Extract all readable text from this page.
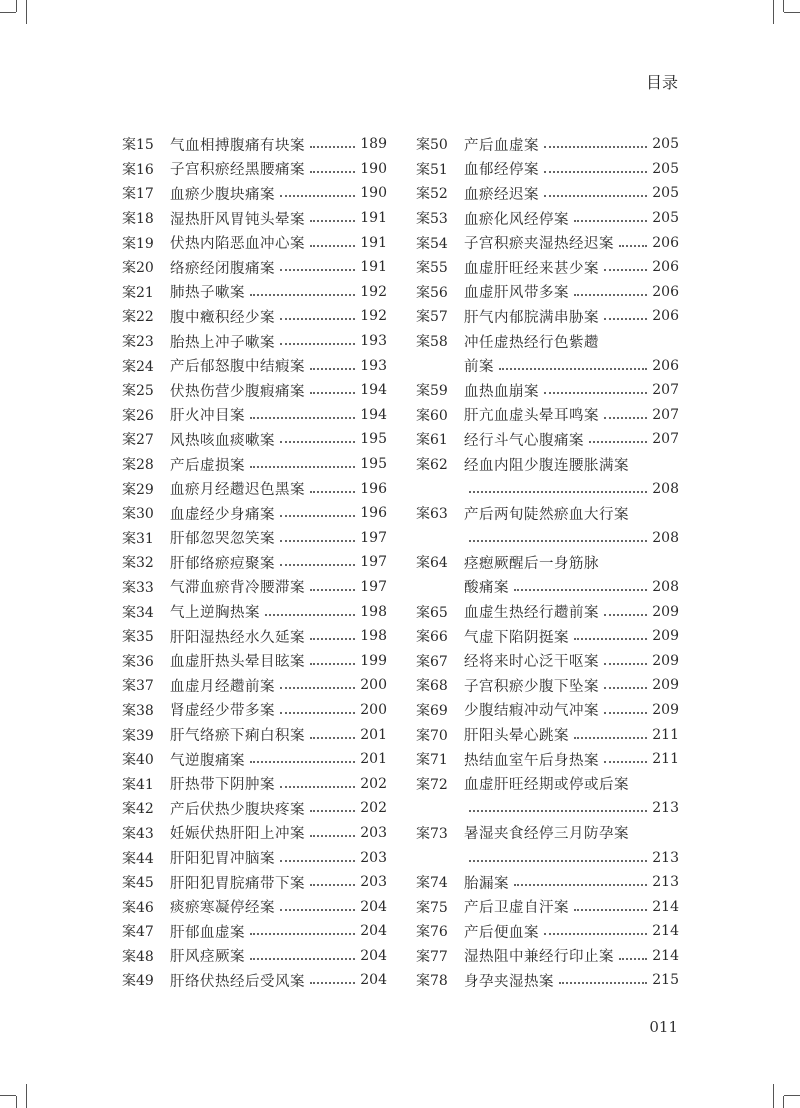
目录
案15	气血相搏腹痛有块案	189
案16	子宫积瘀经黑腰痛案	190
案17	血瘀少腹块痛案	190
案18	湿热肝风胃钝头晕案	191
案19	伏热内陷恶血冲心案	191
案20	络瘀经闭腹痛案	191
案21	肺热子嗽案	192
案22	腹中癥积经少案	192
案23	胎热上冲子嗽案	193
案24	产后郁怒腹中结瘕案	193
案25	伏热伤营少腹瘕痛案	194
案26	肝火冲目案	194
案27	风热咳血痰嗽案	195
案28	产后虚损案	195
案29	血瘀月经趱迟色黑案	196
案30	血虚经少身痛案	196
案31	肝郁忽哭忽笑案	197
案32	肝郁络瘀痘聚案	197
案33	气滞血瘀背冷腰滞案	197
案34	气上逆胸热案	198
案35	肝阳湿热经水久延案	198
案36	血虚肝热头晕目眩案	199
案37	血虚月经趱前案	200
案38	肾虚经少带多案	200
案39	肝气络瘀下痢白积案	201
案40	气逆腹痛案	201
案41	肝热带下阴肿案	202
案42	产后伏热少腹块疼案	202
案43	妊娠伏热肝阳上冲案	203
案44	肝阳犯胃冲脑案	203
案45	肝阳犯胃脘痛带下案	203
案46	痰瘀寒凝停经案	204
案47	肝郁血虚案	204
案48	肝风痉厥案	204
案49	肝络伏热经后受风案	204
案50	产后血虚案	205
案51	血郁经停案	205
案52	血瘀经迟案	205
案53	血瘀化风经停案	205
案54	子宫积瘀夹湿热经迟案	206
案55	血虚肝旺经来甚少案	206
案56	血虚肝风带多案	206
案57	肝气内郁脘满串胁案	206
案58	冲任虚热经行色紫趱
前案	206
案59	血热血崩案	207
案60	肝亢血虚头晕耳鸣案	207
案61	经行斗气心腹痛案	207
案62	经血内阻少腹连腰胀满案
208
案63	产后两旬陡然瘀血大行案
208
案64	痉瘛厥醒后一身筋脉
酸痛案	208
案65	血虚生热经行趱前案	209
案66	气虚下陷阴挺案	209
案67	经将来时心泛干呕案	209
案68	子宫积瘀少腹下坠案	209
案69	少腹结瘕冲动气冲案	209
案70	肝阳头晕心跳案	211
案71	热结血室午后身热案	211
案72	血虚肝旺经期或停或后案
213
案73	暑湿夹食经停三月防孕案
213
案74	胎漏案	213
案75	产后卫虚自汗案	214
案76	产后便血案	214
案77	湿热阻中兼经行印止案	214
案78	身孕夹湿热案	215
011
